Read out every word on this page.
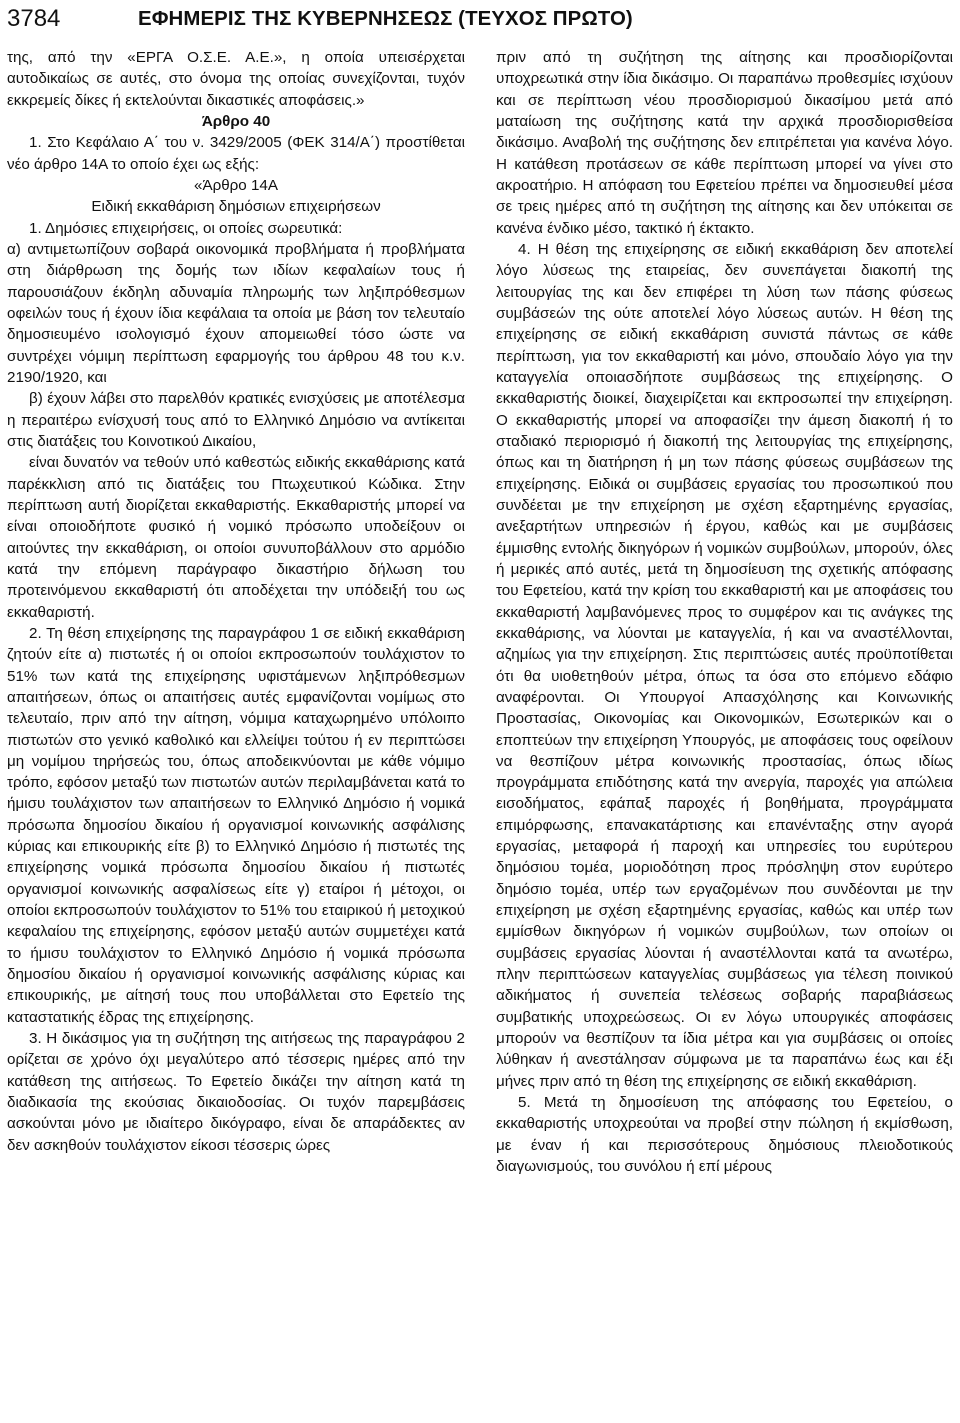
3784	ΕΦΗΜΕΡΙΣ ΤΗΣ ΚΥΒΕΡΝΗΣΕΩΣ (ΤΕΥΧΟΣ ΠΡΩΤΟ)

της, από την «ΕΡΓΑ Ο.Σ.Ε. Α.Ε.», η οποία υπεισέρχεται αυτοδικαίως σε αυτές, στο όνομα της οποίας συνεχίζονται, τυχόν εκκρεμείς δίκες ή εκτελούνται δικαστικές αποφάσεις.»

Άρθρο 40

1. Στο Κεφάλαιο Α΄ του ν. 3429/2005 (ΦΕΚ 314/Α΄) προστίθεται νέο άρθρο 14Α το οποίο έχει ως εξής:

«Άρθρο 14Α

Ειδική εκκαθάριση δημόσιων επιχειρήσεων

1. Δημόσιες επιχειρήσεις, οι οποίες σωρευτικά:

α) αντιμετωπίζουν σοβαρά οικονομικά προβλήματα ή προβλήματα στη διάρθρωση της δομής των ιδίων κεφαλαίων τους ή παρουσιάζουν έκδηλη αδυναμία πληρωμής των ληξιπρόθεσμων οφειλών τους ή έχουν ίδια κεφάλαια τα οποία με βάση τον τελευταίο δημοσιευμένο ισολογισμό έχουν απομειωθεί τόσο ώστε να συντρέχει νόμιμη περίπτωση εφαρμογής του άρθρου 48 του κ.ν. 2190/1920, και

β) έχουν λάβει στο παρελθόν κρατικές ενισχύσεις με αποτέλεσμα η περαιτέρω ενίσχυσή τους από το Ελληνικό Δημόσιο να αντίκειται στις διατάξεις του Κοινοτικού Δικαίου,

είναι δυνατόν να τεθούν υπό καθεστώς ειδικής εκκαθάρισης κατά παρέκκλιση από τις διατάξεις του Πτωχευτικού Κώδικα. Στην περίπτωση αυτή διορίζεται εκκαθαριστής. Εκκαθαριστής μπορεί να είναι οποιοδήποτε φυσικό ή νομικό πρόσωπο υποδείξουν οι αιτούντες την εκκαθάριση, οι οποίοι συνυποβάλλουν στο αρμόδιο κατά την επόμενη παράγραφο δικαστήριο δήλωση του προτεινόμενου εκκαθαριστή ότι αποδέχεται την υπόδειξή του ως εκκαθαριστή.

2. Τη θέση επιχείρησης της παραγράφου 1 σε ειδική εκκαθάριση ζητούν είτε α) πιστωτές ή οι οποίοι εκπροσωπούν τουλάχιστον το 51% των κατά της επιχείρησης υφιστάμενων ληξιπρόθεσμων απαιτήσεων, όπως οι απαιτήσεις αυτές εμφανίζονται νομίμως στο τελευταίο, πριν από την αίτηση, νόμιμα καταχωρημένο υπόλοιπο πιστωτών στο γενικό καθολικό και ελλείψει τούτου ή εν περιπτώσει μη νομίμου τηρήσεώς του, όπως αποδεικνύονται με κάθε νόμιμο τρόπο, εφόσον μεταξύ των πιστωτών αυτών περιλαμβάνεται κατά το ήμισυ τουλάχιστον των απαιτήσεων το Ελληνικό Δημόσιο ή νομικά πρόσωπα δημοσίου δικαίου ή οργανισμοί κοινωνικής ασφάλισης κύριας και επικουρικής είτε β) το Ελληνικό Δημόσιο ή πιστωτές της επιχείρησης νομικά πρόσωπα δημοσίου δικαίου ή πιστωτές οργανισμοί κοινωνικής ασφαλίσεως είτε γ) εταίροι ή μέτοχοι, οι οποίοι εκπροσωπούν τουλάχιστον το 51% του εταιρικού ή μετοχικού κεφαλαίου της επιχείρησης, εφόσον μεταξύ αυτών συμμετέχει κατά το ήμισυ τουλάχιστον το Ελληνικό Δημόσιο ή νομικά πρόσωπα δημοσίου δικαίου ή οργανισμοί κοινωνικής ασφάλισης κύριας και επικουρικής, με αίτησή τους που υποβάλλεται στο Εφετείο της καταστατικής έδρας της επιχείρησης.

3. Η δικάσιμος για τη συζήτηση της αιτήσεως της παραγράφου 2 ορίζεται σε χρόνο όχι μεγαλύτερο από τέσσερις ημέρες από την κατάθεση της αιτήσεως. Το Εφετείο δικάζει την αίτηση κατά τη διαδικασία της εκούσιας δικαιοδοσίας. Οι τυχόν παρεμβάσεις ασκούνται μόνο με ιδιαίτερο δικόγραφο, είναι δε απαράδεκτες αν δεν ασκηθούν τουλάχιστον είκοσι τέσσερις ώρες

πριν από τη συζήτηση της αίτησης και προσδιορίζονται υποχρεωτικά στην ίδια δικάσιμο. Οι παραπάνω προθεσμίες ισχύουν και σε περίπτωση νέου προσδιορισμού δικασίμου μετά από ματαίωση της συζήτησης κατά την αρχικά προσδιορισθείσα δικάσιμο. Αναβολή της συζήτησης δεν επιτρέπεται για κανένα λόγο. Η κατάθεση προτάσεων σε κάθε περίπτωση μπορεί να γίνει στο ακροατήριο. Η απόφαση του Εφετείου πρέπει να δημοσιευθεί μέσα σε τρεις ημέρες από τη συζήτηση της αίτησης και δεν υπόκειται σε κανένα ένδικο μέσο, τακτικό ή έκτακτο.

4. Η θέση της επιχείρησης σε ειδική εκκαθάριση δεν αποτελεί λόγο λύσεως της εταιρείας, δεν συνεπάγεται διακοπή της λειτουργίας της και δεν επιφέρει τη λύση των πάσης φύσεως συμβάσεών της ούτε αποτελεί λόγο λύσεως αυτών. Η θέση της επιχείρησης σε ειδική εκκαθάριση συνιστά πάντως σε κάθε περίπτωση, για τον εκκαθαριστή και μόνο, σπουδαίο λόγο για την καταγγελία οποιασδήποτε συμβάσεως της επιχείρησης. Ο εκκαθαριστής διοικεί, διαχειρίζεται και εκπροσωπεί την επιχείρηση. Ο εκκαθαριστής μπορεί να αποφασίζει την άμεση διακοπή ή το σταδιακό περιορισμό ή διακοπή της λειτουργίας της επιχείρησης, όπως και τη διατήρηση ή μη των πάσης φύσεως συμβάσεων της επιχείρησης. Ειδικά οι συμβάσεις εργασίας του προσωπικού που συνδέεται με την επιχείρηση με σχέση εξαρτημένης εργασίας, ανεξαρτήτων υπηρεσιών ή έργου, καθώς και με συμβάσεις έμμισθης εντολής δικηγόρων ή νομικών συμβούλων, μπορούν, όλες ή μερικές από αυτές, μετά τη δημοσίευση της σχετικής απόφασης του Εφετείου, κατά την κρίση του εκκαθαριστή και με αποφάσεις του εκκαθαριστή λαμβανόμενες προς το συμφέρον και τις ανάγκες της εκκαθάρισης, να λύονται με καταγγελία, ή και να αναστέλλονται, αζημίως για την επιχείρηση. Στις περιπτώσεις αυτές προϋποτίθεται ότι θα υιοθετηθούν μέτρα, όπως τα όσα στο επόμενο εδάφιο αναφέρονται. Οι Υπουργοί Απασχόλησης και Κοινωνικής Προστασίας, Οικονομίας και Οικονομικών, Εσωτερικών και ο εποπτεύων την επιχείρηση Υπουργός, με αποφάσεις τους οφείλουν να θεσπίζουν μέτρα κοινωνικής προστασίας, όπως ιδίως προγράμματα επιδότησης κατά την ανεργία, παροχές για απώλεια εισοδήματος, εφάπαξ παροχές ή βοηθήματα, προγράμματα επιμόρφωσης, επανακατάρτισης και επανένταξης στην αγορά εργασίας, μεταφορά ή παροχή και υπηρεσίες του ευρύτερου δημόσιου τομέα, μοριοδότηση προς πρόσληψη στον ευρύτερο δημόσιο τομέα, υπέρ των εργαζομένων που συνδέονται με την επιχείρηση με σχέση εξαρτημένης εργασίας, καθώς και υπέρ των εμμίσθων δικηγόρων ή νομικών συμβούλων, των οποίων οι συμβάσεις εργασίας λύονται ή αναστέλλονται κατά τα ανωτέρω, πλην περιπτώσεων καταγγελίας συμβάσεως για τέλεση ποινικού αδικήματος ή συνεπεία τελέσεως σοβαρής παραβιάσεως συμβατικής υποχρεώσεως. Οι εν λόγω υπουργικές αποφάσεις μπορούν να θεσπίζουν τα ίδια μέτρα και για συμβάσεις οι οποίες λύθηκαν ή ανεστάλησαν σύμφωνα με τα παραπάνω έως και έξι μήνες πριν από τη θέση της επιχείρησης σε ειδική εκκαθάριση.

5. Μετά τη δημοσίευση της απόφασης του Εφετείου, ο εκκαθαριστής υποχρεούται να προβεί στην πώληση ή εκμίσθωση, με έναν ή και περισσότερους δημόσιους πλειοδοτικούς διαγωνισμούς, του συνόλου ή επί μέρους
